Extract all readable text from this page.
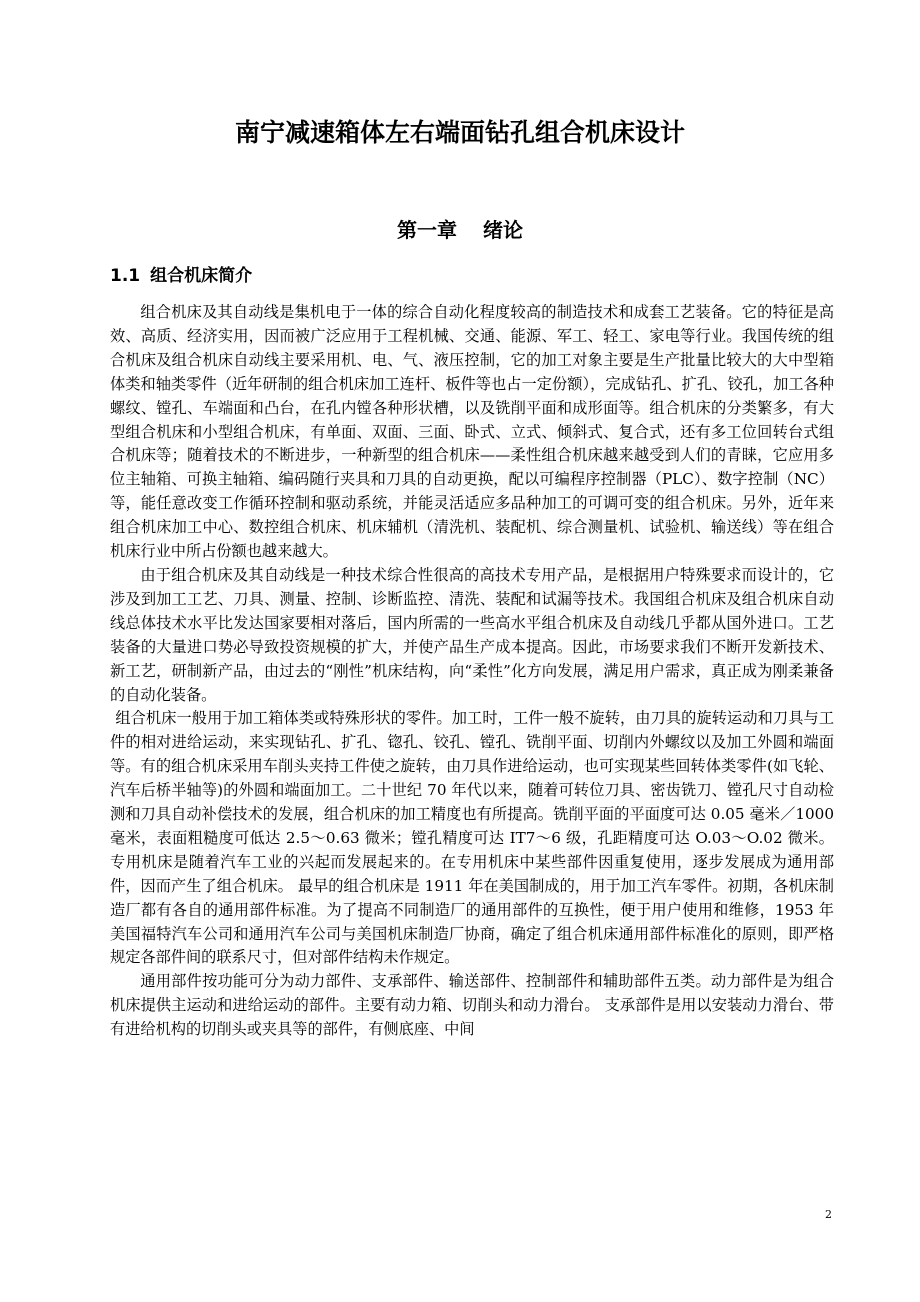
南宁减速箱体左右端面钻孔组合机床设计
第一章 绪论
1.1 组合机床简介

组合机床及其自动线是集机电于一体的综合自动化程度较高的制造技术和成套工艺装备。它的特征是高效、高质、经济实用，因而被广泛应用于工程机械、交通、能源、军工、轻工、家电等行业。我国传统的组合机床及组合机床自动线主要采用机、电、气、液压控制，它的加工对象主要是生产批量比较大的大中型箱体类和轴类零件（近年研制的组合机床加工连杆、板件等也占一定份额），完成钻孔、扩孔、铰孔，加工各种螺纹、镗孔、车端面和凸台，在孔内镗各种形状槽，以及铣削平面和成形面等。组合机床的分类繁多，有大型组合机床和小型组合机床，有单面、双面、三面、卧式、立式、倾斜式、复合式，还有多工位回转台式组合机床等；随着技术的不断进步，一种新型的组合机床——柔性组合机床越来越受到人们的青睐，它应用多位主轴箱、可换主轴箱、编码随行夹具和刀具的自动更换，配以可编程序控制器（PLC）、数字控制（NC）等，能任意改变工作循环控制和驱动系统，并能灵活适应多品种加工的可调可变的组合机床。另外，近年来组合机床加工中心、数控组合机床、机床辅机（清洗机、装配机、综合测量机、试验机、输送线）等在组合机床行业中所占份额也越来越大。

由于组合机床及其自动线是一种技术综合性很高的高技术专用产品，是根据用户特殊要求而设计的，它涉及到加工工艺、刀具、测量、控制、诊断监控、清洗、装配和试漏等技术。我国组合机床及组合机床自动线总体技术水平比发达国家要相对落后，国内所需的一些高水平组合机床及自动线几乎都从国外进口。工艺装备的大量进口势必导致投资规模的扩大，并使产品生产成本提高。因此，市场要求我们不断开发新技术、新工艺，研制新产品，由过去的“刚性”机床结构，向“柔性”化方向发展，满足用户需求，真正成为刚柔兼备的自动化装备。

组合机床一般用于加工箱体类或特殊形状的零件。加工时，工件一般不旋转，由刀具的旋转运动和刀具与工件的相对进给运动，来实现钻孔、扩孔、锪孔、铰孔、镗孔、铣削平面、切削内外螺纹以及加工外圆和端面等。有的组合机床采用车削头夹持工件使之旋转，由刀具作进给运动，也可实现某些回转体类零件(如飞轮、汽车后桥半轴等)的外圆和端面加工。二十世纪 70 年代以来，随着可转位刀具、密齿铣刀、镗孔尺寸自动检测和刀具自动补偿技术的发展，组合机床的加工精度也有所提高。铣削平面的平面度可达 0.05 毫米／1000 毫米，表面粗糙度可低达 2.5～0.63 微米；镗孔精度可达 IT7～6 级，孔距精度可达 O.03～O.02 微米。 专用机床是随着汽车工业的兴起而发展起来的。在专用机床中某些部件因重复使用，逐步发展成为通用部件，因而产生了组合机床。 最早的组合机床是 1911 年在美国制成的，用于加工汽车零件。初期，各机床制造厂都有各自的通用部件标准。为了提高不同制造厂的通用部件的互换性，便于用户使用和维修，1953 年美国福特汽车公司和通用汽车公司与美国机床制造厂协商，确定了组合机床通用部件标准化的原则，即严格规定各部件间的联系尺寸，但对部件结构未作规定。

通用部件按功能可分为动力部件、支承部件、输送部件、控制部件和辅助部件五类。动力部件是为组合机床提供主运动和进给运动的部件。主要有动力箱、切削头和动力滑台。 支承部件是用以安装动力滑台、带有进给机构的切削头或夹具等的部件，有侧底座、中间

2
